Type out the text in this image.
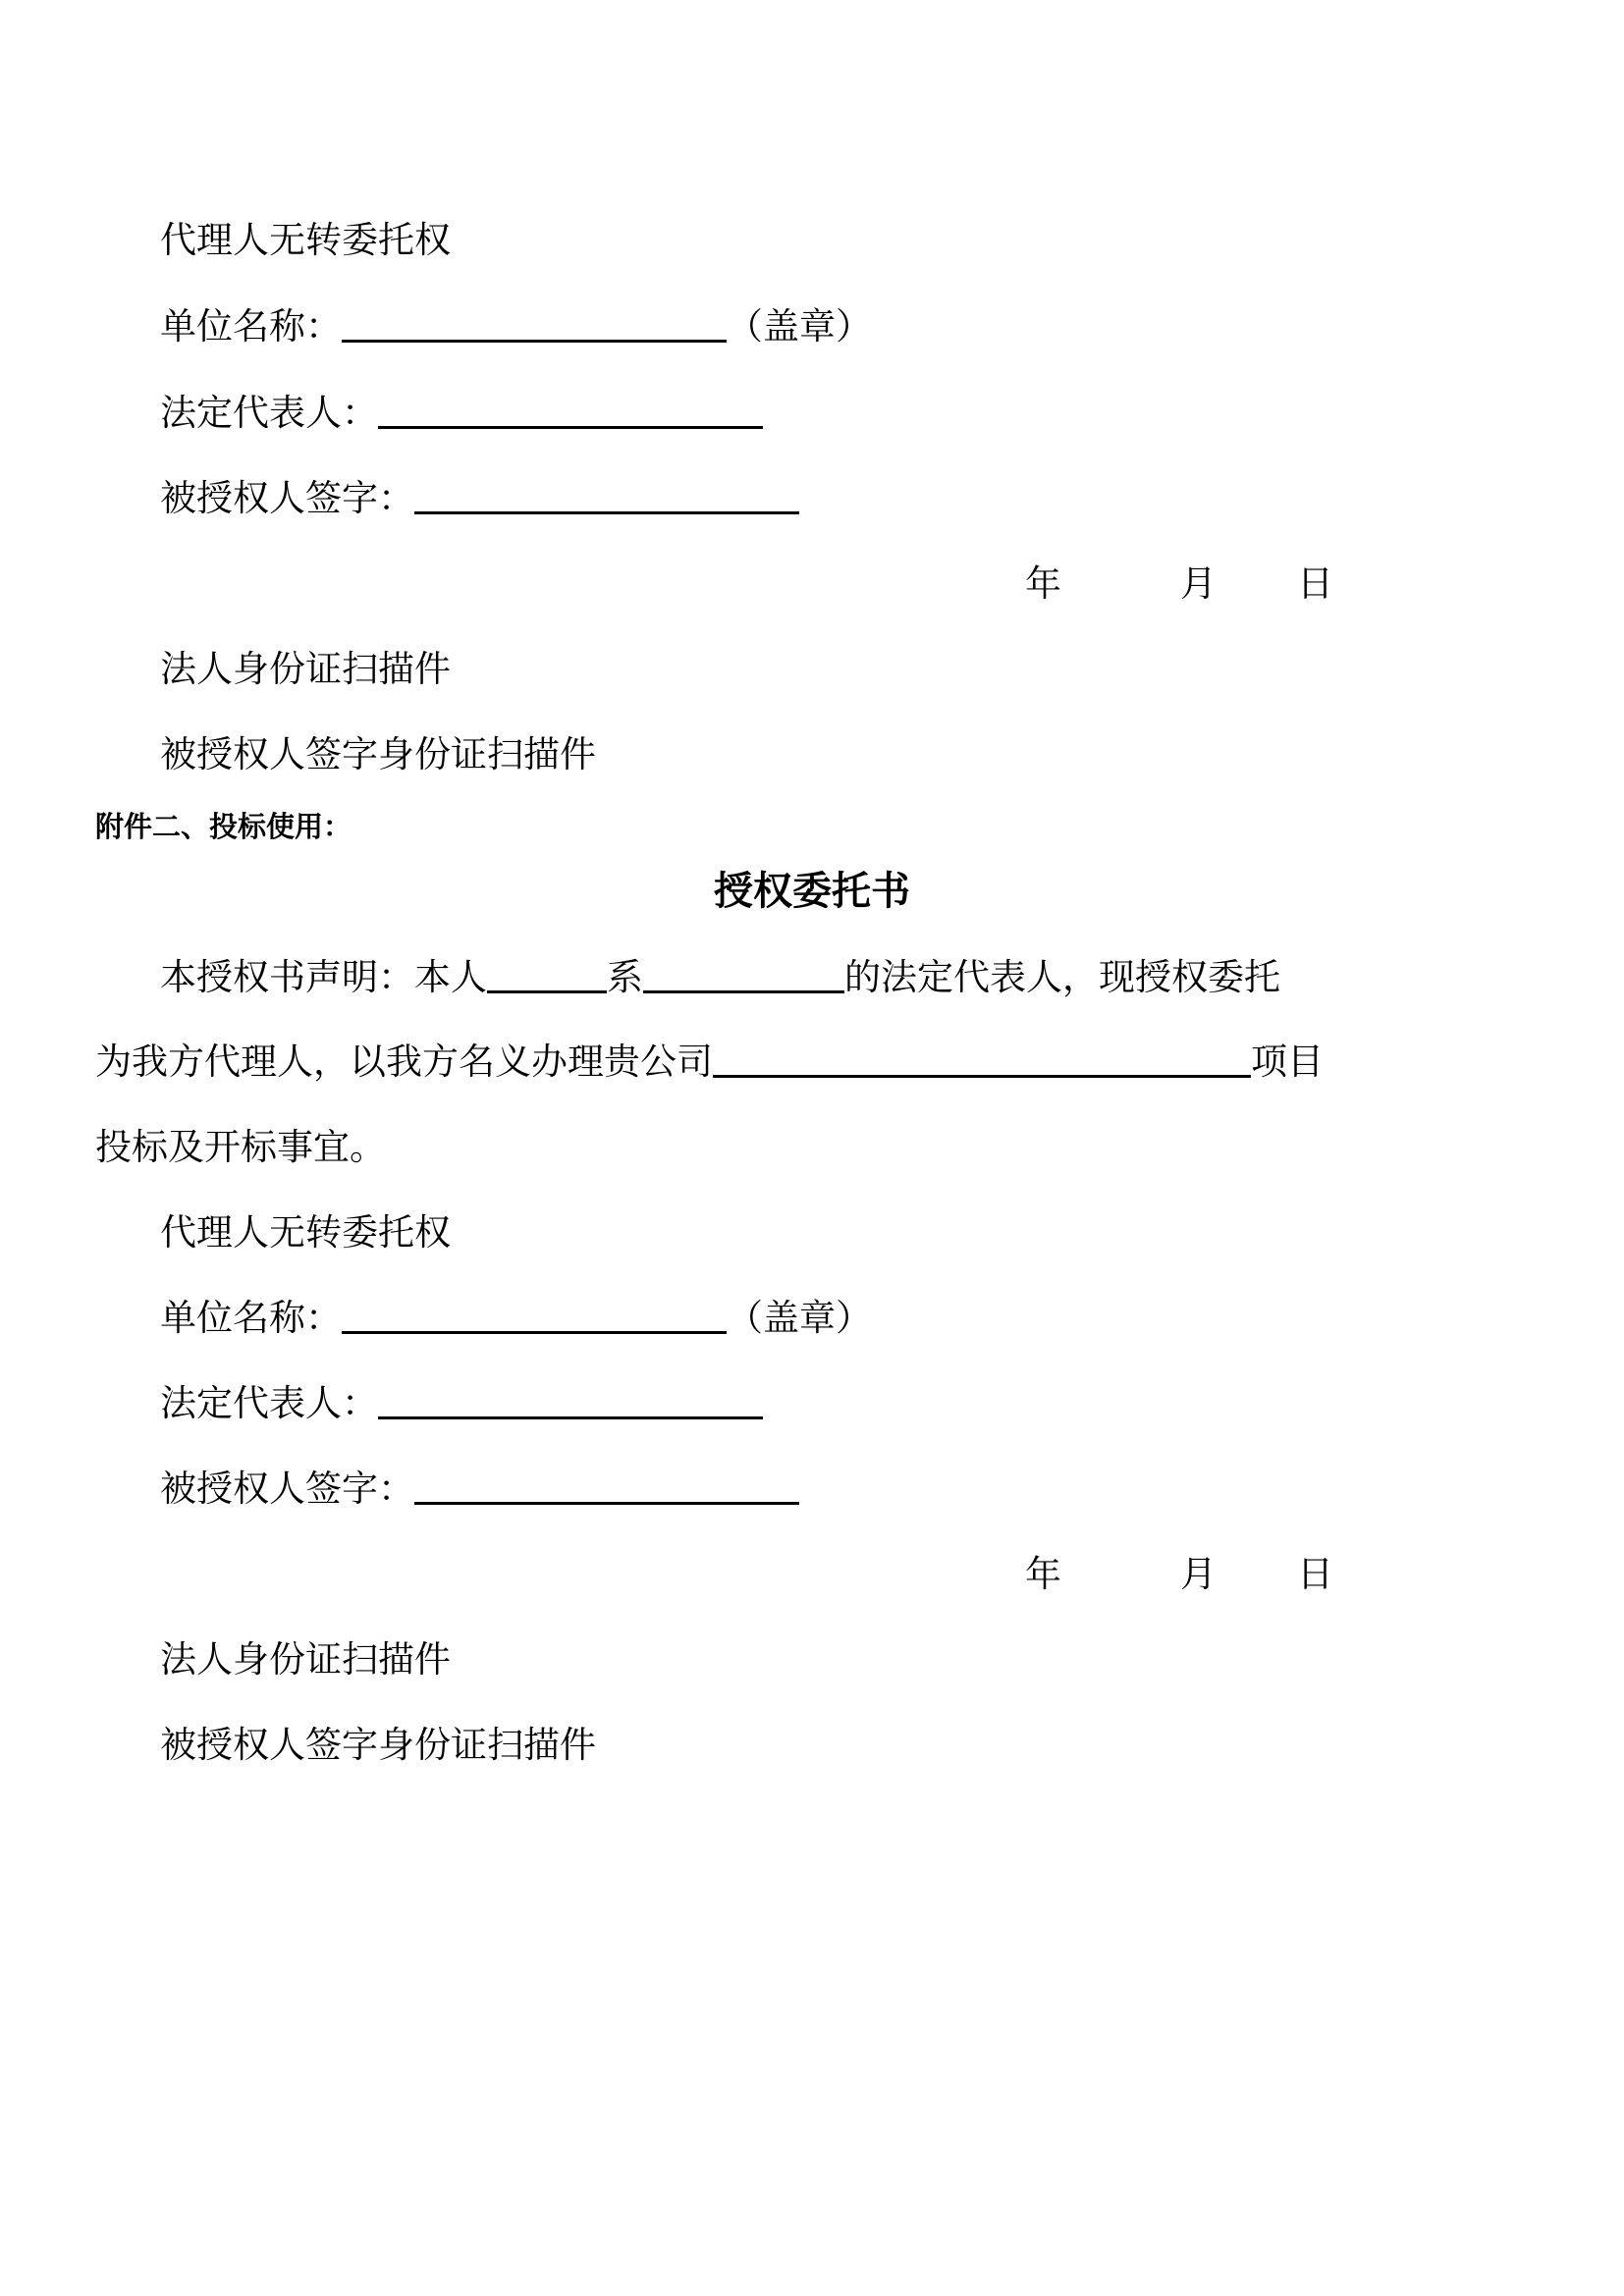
代理人无转委托权
单位名称：	（盖章）
法定代表人：
被授权人签字：
年	月 日
法人身份证扫描件
被授权人签字身份证扫描件
附件二、投标使用：
授权委托书
本授权书声明：本人	系	的法定代表人，现授权委托
为我方代理人，以我方名义办理贵公司	项目
投标及开标事宜。
代理人无转委托权
单位名称：	（盖章）
法定代表人：
被授权人签字：
年	月 日
法人身份证扫描件
被授权人签字身份证扫描件
